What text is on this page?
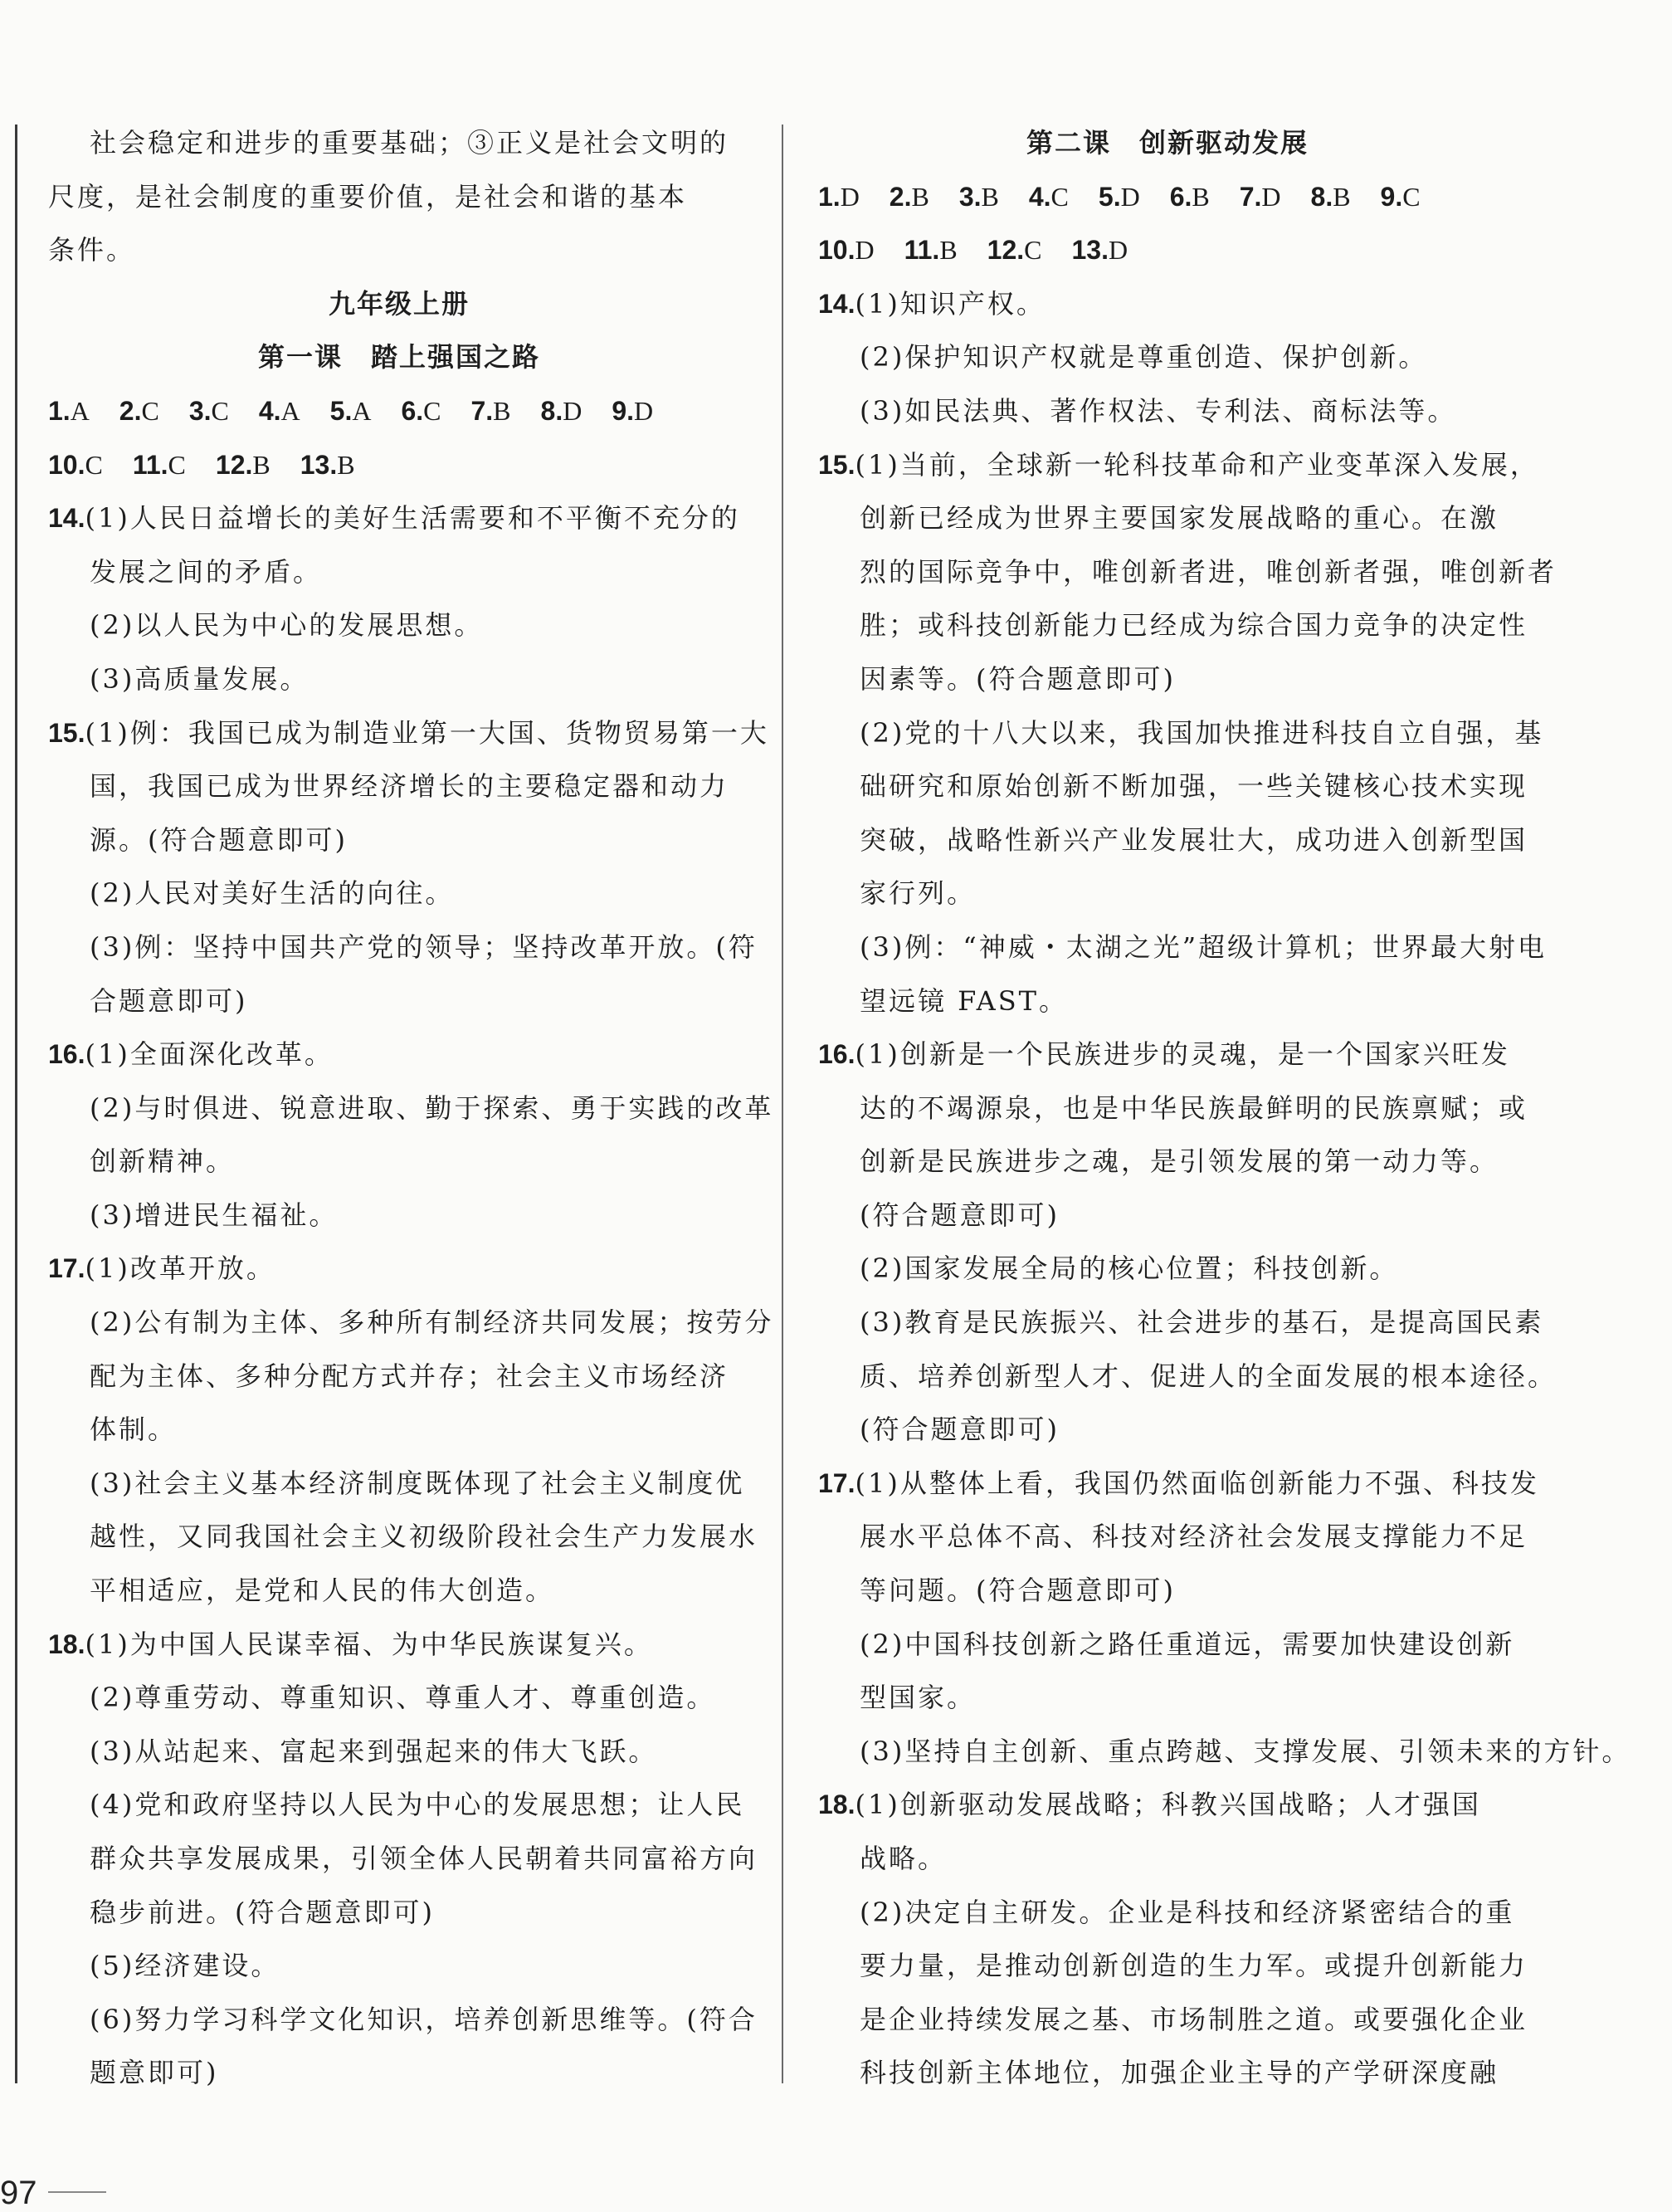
社会稳定和进步的重要基础；③正义是社会文明的
尺度，是社会制度的重要价值，是社会和谐的基本
条件。
九年级上册
第一课　踏上强国之路
1.A 2.C 3.C 4.A 5.A 6.C 7.B 8.D 9.D
10.C 11.C 12.B 13.B
14.(1)人民日益增长的美好生活需要和不平衡不充分的
发展之间的矛盾。
(2)以人民为中心的发展思想。
(3)高质量发展。
15.(1)例：我国已成为制造业第一大国、货物贸易第一大
国，我国已成为世界经济增长的主要稳定器和动力
源。(符合题意即可)
(2)人民对美好生活的向往。
(3)例：坚持中国共产党的领导；坚持改革开放。(符
合题意即可)
16.(1)全面深化改革。
(2)与时俱进、锐意进取、勤于探索、勇于实践的改革
创新精神。
(3)增进民生福祉。
17.(1)改革开放。
(2)公有制为主体、多种所有制经济共同发展；按劳分
配为主体、多种分配方式并存；社会主义市场经济
体制。
(3)社会主义基本经济制度既体现了社会主义制度优
越性，又同我国社会主义初级阶段社会生产力发展水
平相适应，是党和人民的伟大创造。
18.(1)为中国人民谋幸福、为中华民族谋复兴。
(2)尊重劳动、尊重知识、尊重人才、尊重创造。
(3)从站起来、富起来到强起来的伟大飞跃。
(4)党和政府坚持以人民为中心的发展思想；让人民
群众共享发展成果，引领全体人民朝着共同富裕方向
稳步前进。(符合题意即可)
(5)经济建设。
(6)努力学习科学文化知识，培养创新思维等。(符合
题意即可)
第二课　创新驱动发展
1.D 2.B 3.B 4.C 5.D 6.B 7.D 8.B 9.C
10.D 11.B 12.C 13.D
14.(1)知识产权。
(2)保护知识产权就是尊重创造、保护创新。
(3)如民法典、著作权法、专利法、商标法等。
15.(1)当前，全球新一轮科技革命和产业变革深入发展，
创新已经成为世界主要国家发展战略的重心。在激
烈的国际竞争中，唯创新者进，唯创新者强，唯创新者
胜；或科技创新能力已经成为综合国力竞争的决定性
因素等。(符合题意即可)
(2)党的十八大以来，我国加快推进科技自立自强，基
础研究和原始创新不断加强，一些关键核心技术实现
突破，战略性新兴产业发展壮大，成功进入创新型国
家行列。
(3)例：“神威・太湖之光”超级计算机；世界最大射电
望远镜 FAST。
16.(1)创新是一个民族进步的灵魂，是一个国家兴旺发
达的不竭源泉，也是中华民族最鲜明的民族禀赋；或
创新是民族进步之魂，是引领发展的第一动力等。
(符合题意即可)
(2)国家发展全局的核心位置；科技创新。
(3)教育是民族振兴、社会进步的基石，是提高国民素
质、培养创新型人才、促进人的全面发展的根本途径。
(符合题意即可)
17.(1)从整体上看，我国仍然面临创新能力不强、科技发
展水平总体不高、科技对经济社会发展支撑能力不足
等问题。(符合题意即可)
(2)中国科技创新之路任重道远，需要加快建设创新
型国家。
(3)坚持自主创新、重点跨越、支撑发展、引领未来的方针。
18.(1)创新驱动发展战略；科教兴国战略；人才强国
战略。
(2)决定自主研发。企业是科技和经济紧密结合的重
要力量，是推动创新创造的生力军。或提升创新能力
是企业持续发展之基、市场制胜之道。或要强化企业
科技创新主体地位，加强企业主导的产学研深度融
97
